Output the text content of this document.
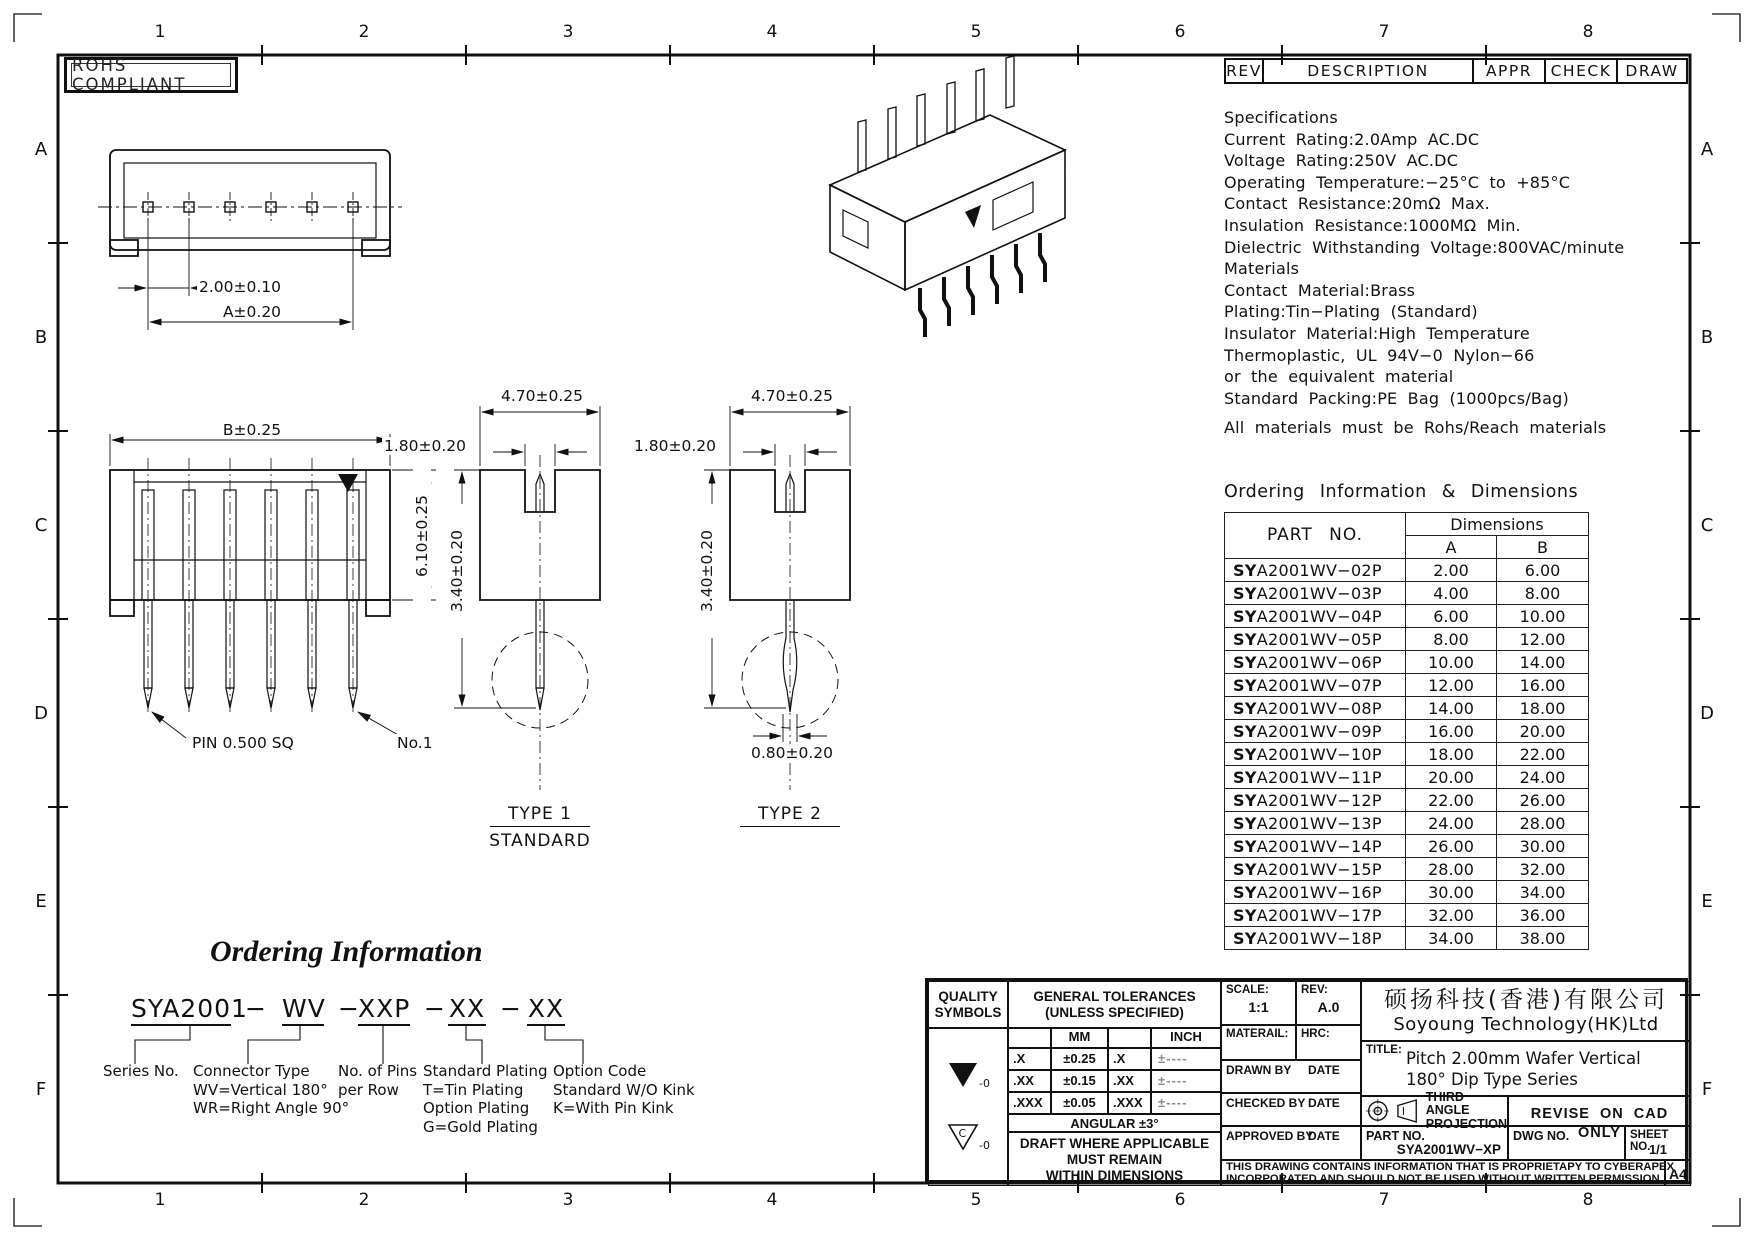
1	2	3	4	5	6	7	8
1	2	3	4	5	6	7	8
A
B
C
D
E
F
A
B
C
D
E
F
ROHS COMPLIANT
REV	DESCRIPTION	APPR	CHECK DRAW
Specifications
Current Rating:2.0Amp AC.DC
Voltage Rating:250V AC.DC
Operating Temperature:−25°C to +85°C
Contact Resistance:20mΩ Max.
Insulation Resistance:1000MΩ Min.
Dielectric Withstanding Voltage:800VAC/minute
Materials
Contact Material:Brass
Plating:Tin−Plating (Standard)
Insulator Material:High Temperature
Thermoplastic, UL 94V−0 Nylon−66
or the equivalent material
Standard Packing:PE Bag (1000pcs/Bag)
All materials must be Rohs/Reach materials
Ordering Information & Dimensions
PART NO.	Dimensions	
	A	B
SYA2001WV−02P	2.00	6.00
SYA2001WV−03P	4.00	8.00
SYA2001WV−04P	6.00	10.00
SYA2001WV−05P	8.00	12.00
SYA2001WV−06P	10.00	14.00
SYA2001WV−07P	12.00	16.00
SYA2001WV−08P	14.00	18.00
SYA2001WV−09P	16.00	20.00
SYA2001WV−10P	18.00	22.00
SYA2001WV−11P	20.00	24.00
SYA2001WV−12P	22.00	26.00
SYA2001WV−13P	24.00	28.00
SYA2001WV−14P	26.00	30.00
SYA2001WV−15P	28.00	32.00
SYA2001WV−16P	30.00	34.00
SYA2001WV−17P	32.00	36.00
SYA2001WV−18P	34.00	38.00
2.00±0.10
A±0.20
B±0.25
6.10±0.25
PIN 0.500 SQ	No.1
4.70±0.25
1.80±0.20
3.40±0.20
TYPE 1
STANDARD
4.70±0.25
1.80±0.20
3.40±0.20
0.80±0.20
TYPE 2
Ordering Information
SYA2001
− WV − XXP − XX − XX
Series No. Connector Type
WV=Vertical 180°
WR=Right Angle 90°
No. of Pins
per Row
Standard Plating
T=Tin Plating
Option Plating
G=Gold Plating
Option Code
Standard W/O Kink
K=With Pin Kink
QUALITY
SYMBOLS
-0
C
-0
GENERAL TOLERANCES
(UNLESS SPECIFIED)
MM	INCH
.X	±0.25	.X	±----
.XX	±0.15	.XX	±----
.XXX	±0.05	.XXX	±----
ANGULAR ±3°
DRAFT WHERE APPLICABLE
MUST REMAIN
WITHIN DIMENSIONS
SCALE:
1:1
REV:
A.0
MATERAIL: HRC:
DRAWN BY DATE
CHECKED BY DATE
APPROVED BY
DATE
硕扬科技(香港)有限公司
Soyoung Technology(HK)Ltd
TITLE: Pitch 2.00mm Wafer Vertical
180° Dip Type Series
THIRD ANGLE
PROJECTION
REVISE ON CAD ONLY
PART NO.
SYA2001WV−XP
DWG NO.	SHEET NO.
1/1
THIS DRAWING CONTAINS INFORMATION THAT IS PROPRIETAPY TO CYBERAPEX
INCORPORATED AND SHOULD NOT BE USED WITHOUT WRITTEN PERMISSION A4
